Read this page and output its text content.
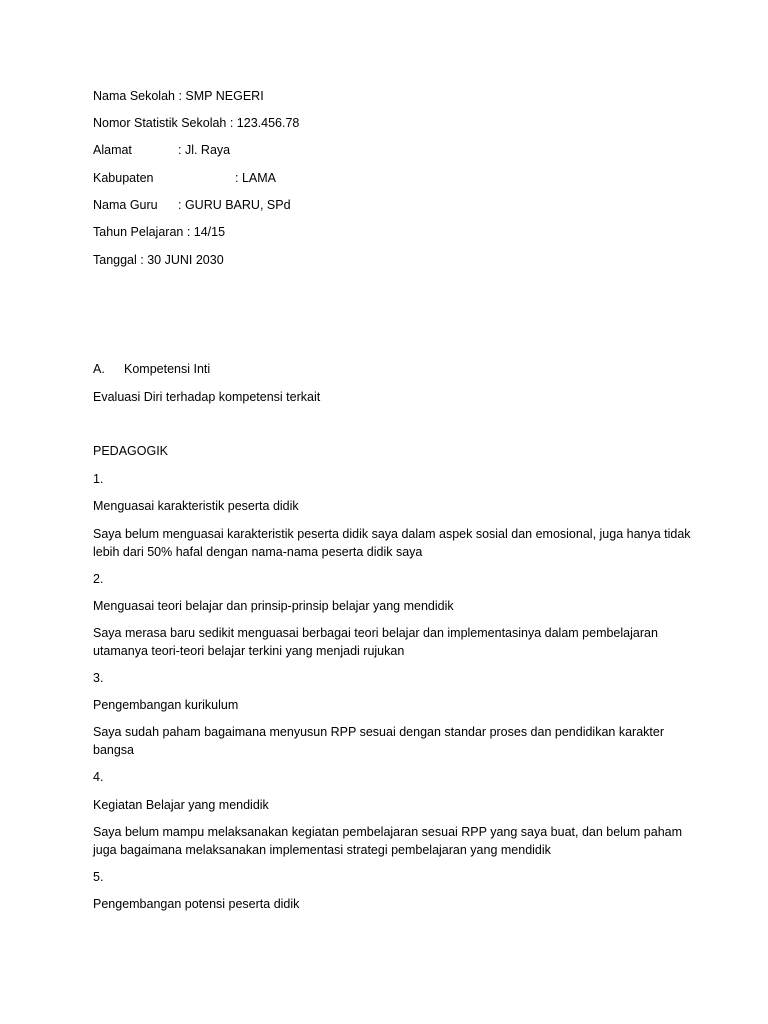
Nama Sekolah : SMP NEGERI
Nomor Statistik Sekolah : 123.456.78
Alamat	: Jl. Raya
Kabupaten	: LAMA
Nama Guru : GURU BARU, SPd
Tahun Pelajaran : 14/15
Tanggal : 30 JUNI 2030
A. Kompetensi Inti
Evaluasi Diri terhadap kompetensi terkait
PEDAGOGIK
1.
Menguasai karakteristik peserta didik
Saya belum menguasai karakteristik peserta didik saya dalam aspek sosial dan emosional, juga hanya tidak lebih dari 50% hafal dengan nama-nama peserta didik saya
2.
Menguasai teori belajar dan prinsip-prinsip belajar yang mendidik
Saya merasa baru sedikit menguasai berbagai teori belajar dan implementasinya dalam pembelajaran utamanya teori-teori belajar terkini yang menjadi rujukan
3.
Pengembangan kurikulum
Saya sudah paham bagaimana menyusun RPP sesuai dengan standar proses dan pendidikan karakter bangsa
4.
Kegiatan Belajar yang mendidik
Saya belum mampu melaksanakan kegiatan pembelajaran sesuai RPP yang saya buat, dan belum paham juga bagaimana melaksanakan implementasi strategi pembelajaran yang mendidik
5.
Pengembangan potensi peserta didik
